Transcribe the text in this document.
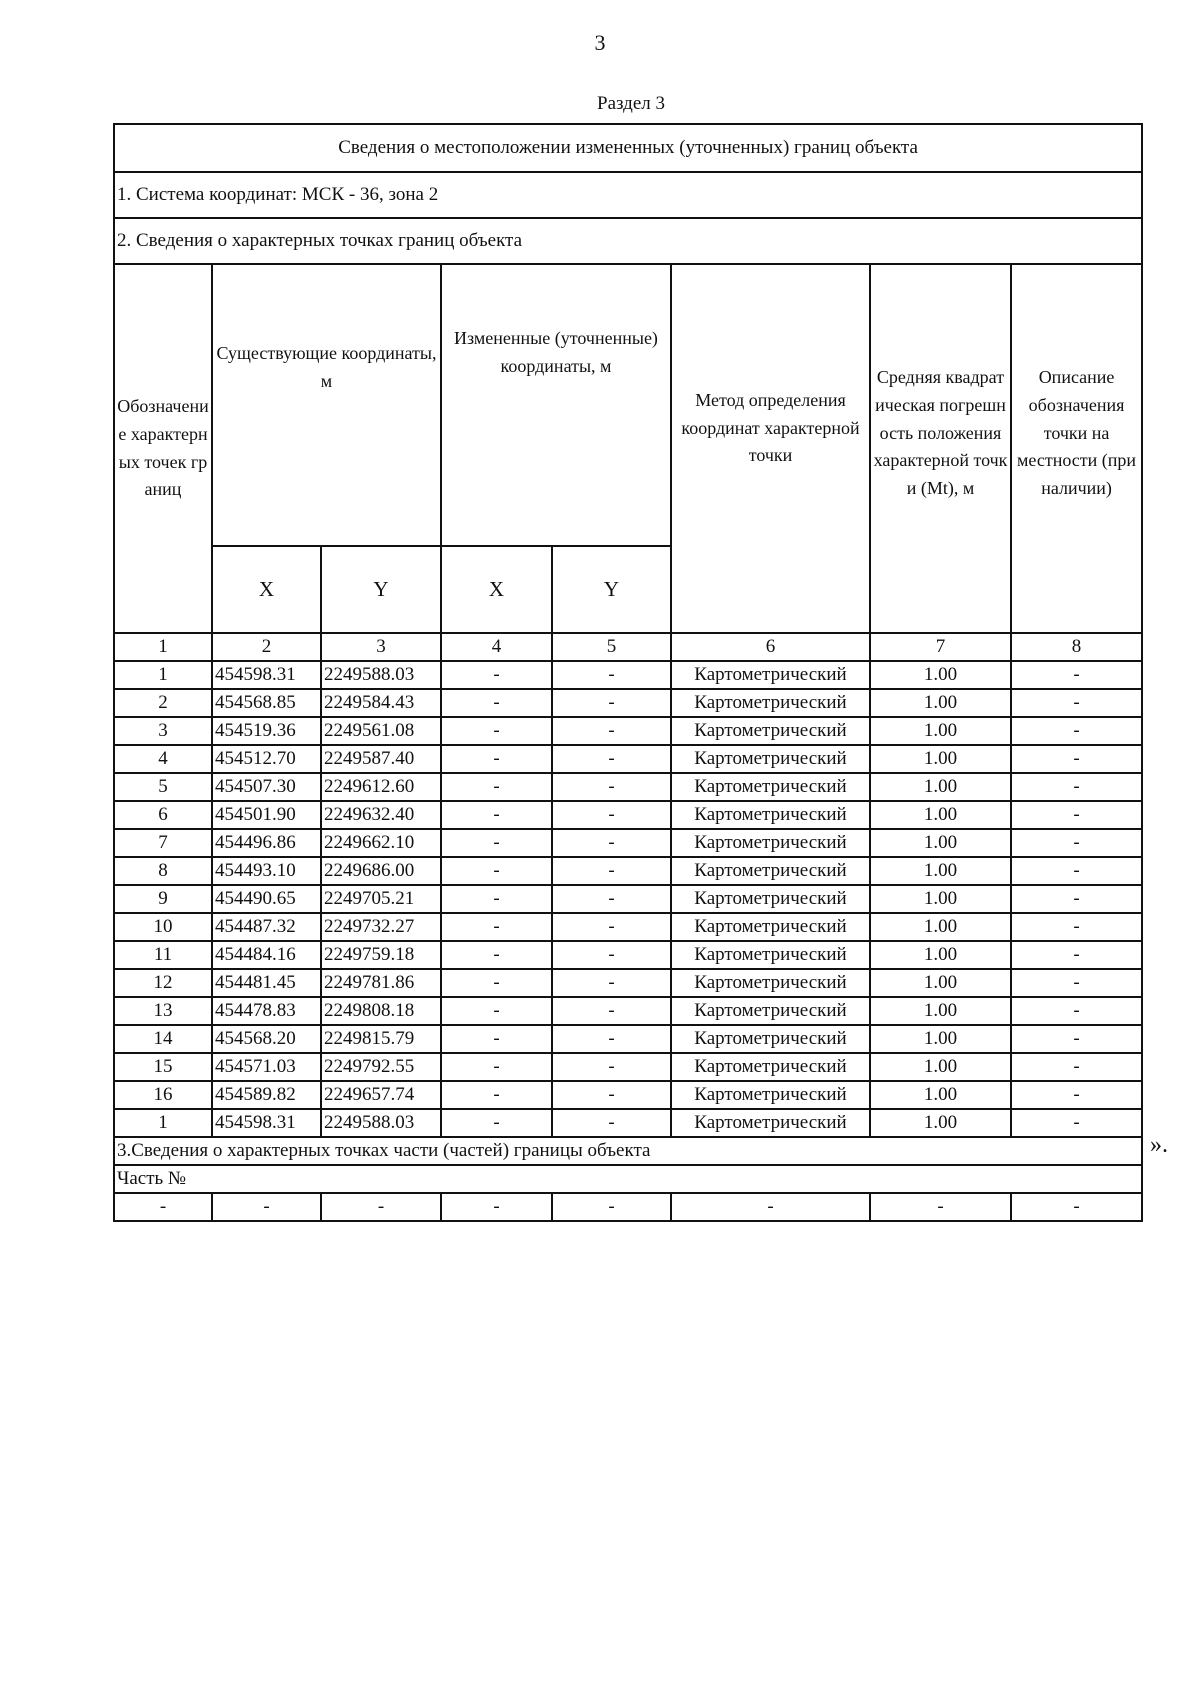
3
Раздел 3
Сведения о местоположении измененных (уточненных) границ объекта							
1. Система координат: МСК - 36, зона 2							
2. Сведения о характерных точках границ объекта							

Обозначение характерных точек границ	Существующие координаты, м		Измененные (уточненные) координаты, м		Метод определения координат характерной точки	Средняя квадратическая погрешность положения характерной точки (Mt), м	Описание обозначения точки на местности (при наличии)
	X	Y	X	Y			
1	2	3	4	5	6	7	8
1	454598.31	2249588.03	-	-	Картометрический	1.00	-
2	454568.85	2249584.43	-	-	Картометрический	1.00	-
3	454519.36	2249561.08	-	-	Картометрический	1.00	-
4	454512.70	2249587.40	-	-	Картометрический	1.00	-
5	454507.30	2249612.60	-	-	Картометрический	1.00	-
6	454501.90	2249632.40	-	-	Картометрический	1.00	-
7	454496.86	2249662.10	-	-	Картометрический	1.00	-
8	454493.10	2249686.00	-	-	Картометрический	1.00	-
9	454490.65	2249705.21	-	-	Картометрический	1.00	-
10	454487.32	2249732.27	-	-	Картометрический	1.00	-
11	454484.16	2249759.18	-	-	Картометрический	1.00	-
12	454481.45	2249781.86	-	-	Картометрический	1.00	-
13	454478.83	2249808.18	-	-	Картометрический	1.00	-
14	454568.20	2249815.79	-	-	Картометрический	1.00	-
15	454571.03	2249792.55	-	-	Картометрический	1.00	-
16	454589.82	2249657.74	-	-	Картометрический	1.00	-
1	454598.31	2249588.03	-	-	Картометрический	1.00	-
3.Сведения о характерных точках части (частей) границы объекта							
Часть №							
-	-	-	-	-	-	-	-
».
